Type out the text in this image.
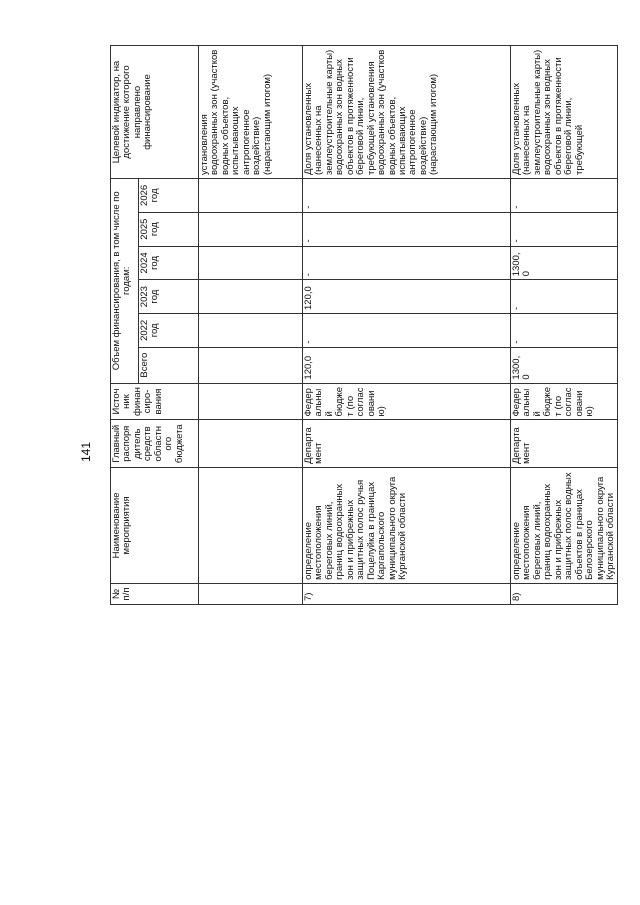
141
№ п/п	Наименование мероприятия	Главный распорядитель средств областного бюджета	Источник финансиро-вания	Объем финансирования, в том числе по годам:						Целевой индикатор, на достижение которого направлено финансирование
				Всего	2022 год	2023 год	2024 год	2025 год	2026 год	
										установления водоохранных зон (участков водных объектов, испытывающих антропогенное воздействие) (нарастающим итогом)
7)	определение местоположения береговых линий, границ водоохранных зон и прибрежных защитных полос ручья Поцелуйка в границах Каргапольского муниципального округа Курганской области	Департамент	Федеральный бюджет (по согласованию)	120,0	-	120,0	-	-	-	Доля установленных (нанесенных на землеустроительные карты) водоохранных зон водных объектов в протяженности береговой линии, требующей установления водоохранных зон (участков водных объектов, испытывающих антропогенное воздействие) (нарастающим итогом)
8)	определение местоположения береговых линий, границ водоохранных зон и прибрежных защитных полос водных объектов в границах Белозерского муниципального округа Курганской области	Департамент	Федеральный бюджет (по согласованию)	1300,0	-	-	1300,0	-	-	Доля установленных (нанесенных на землеустроительные карты) водоохранных зон водных объектов в протяженности береговой линии, требующей
